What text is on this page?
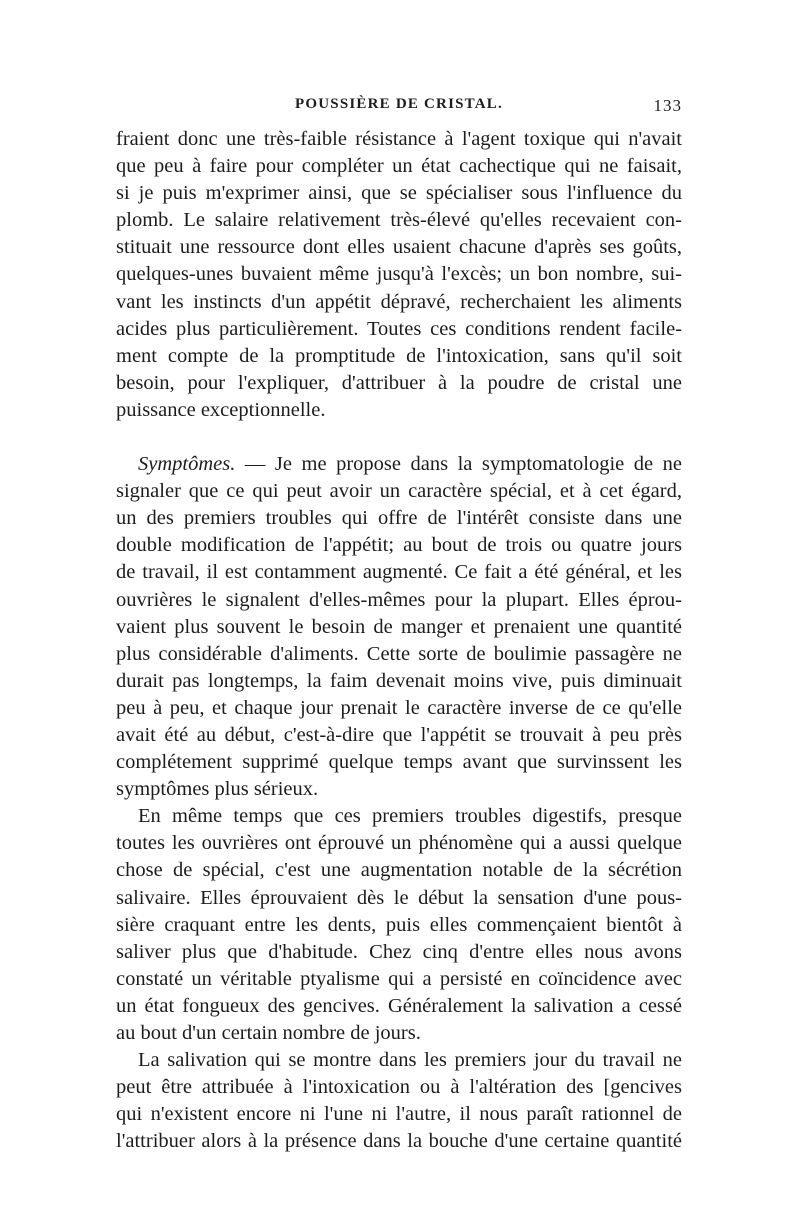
POUSSIÈRE DE CRISTAL.	133
fraient donc une très-faible résistance à l'agent toxique qui n'avait
que peu à faire pour compléter un état cachectique qui ne faisait,
si je puis m'exprimer ainsi, que se spécialiser sous l'influence du
plomb. Le salaire relativement très-élevé qu'elles recevaient con-
stituait une ressource dont elles usaient chacune d'après ses goûts,
quelques-unes buvaient même jusqu'à l'excès; un bon nombre, sui-
vant les instincts d'un appétit dépravé, recherchaient les aliments
acides plus particulièrement. Toutes ces conditions rendent facile-
ment compte de la promptitude de l'intoxication, sans qu'il soit
besoin, pour l'expliquer, d'attribuer à la poudre de cristal une
puissance exceptionnelle.
Symptômes. — Je me propose dans la symptomatologie de ne
signaler que ce qui peut avoir un caractère spécial, et à cet égard,
un des premiers troubles qui offre de l'intérêt consiste dans une
double modification de l'appétit; au bout de trois ou quatre jours
de travail, il est contamment augmenté. Ce fait a été général, et les
ouvrières le signalent d'elles-mêmes pour la plupart. Elles éprou-
vaient plus souvent le besoin de manger et prenaient une quantité
plus considérable d'aliments. Cette sorte de boulimie passagère ne
durait pas longtemps, la faim devenait moins vive, puis diminuait
peu à peu, et chaque jour prenait le caractère inverse de ce qu'elle
avait été au début, c'est-à-dire que l'appétit se trouvait à peu près
complétement supprimé quelque temps avant que survinssent les
symptômes plus sérieux.
En même temps que ces premiers troubles digestifs, presque
toutes les ouvrières ont éprouvé un phénomène qui a aussi quelque
chose de spécial, c'est une augmentation notable de la sécrétion
salivaire. Elles éprouvaient dès le début la sensation d'une pous-
sière craquant entre les dents, puis elles commençaient bientôt à
saliver plus que d'habitude. Chez cinq d'entre elles nous avons
constaté un véritable ptyalisme qui a persisté en coïncidence avec
un état fongueux des gencives. Généralement la salivation a cessé
au bout d'un certain nombre de jours.
La salivation qui se montre dans les premiers jour du travail ne
peut être attribuée à l'intoxication ou à l'altération des [gencives
qui n'existent encore ni l'une ni l'autre, il nous paraît rationnel de
l'attribuer alors à la présence dans la bouche d'une certaine quantité
